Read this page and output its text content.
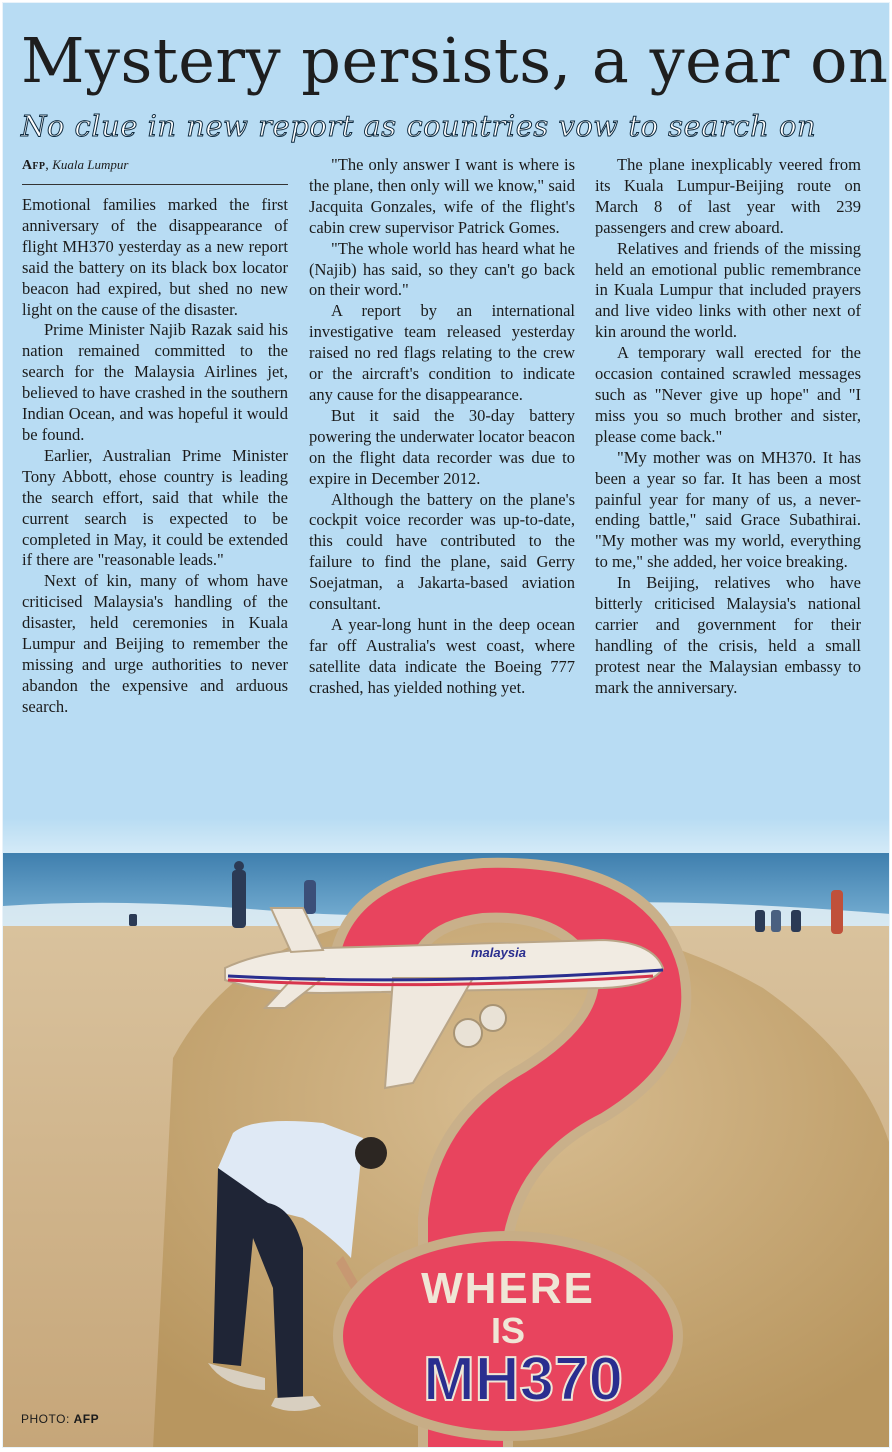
Mystery persists, a year on
No clue in new report as countries vow to search on
Afp, Kuala Lumpur

Emotional families marked the first anniversary of the disappearance of flight MH370 yesterday as a new report said the battery on its black box locator beacon had expired, but shed no new light on the cause of the disaster.

Prime Minister Najib Razak said his nation remained committed to the search for the Malaysia Airlines jet, believed to have crashed in the southern Indian Ocean, and was hopeful it would be found.

Earlier, Australian Prime Minister Tony Abbott, ehose country is leading the search effort, said that while the current search is expected to be completed in May, it could be extended if there are "reasonable leads."

Next of kin, many of whom have criticised Malaysia's handling of the disaster, held ceremonies in Kuala Lumpur and Beijing to remember the missing and urge authorities to never abandon the expensive and arduous search.

"The only answer I want is where is the plane, then only will we know," said Jacquita Gonzales, wife of the flight's cabin crew supervisor Patrick Gomes.

"The whole world has heard what he (Najib) has said, so they can't go back on their word."

A report by an international investigative team released yesterday raised no red flags relating to the crew or the aircraft's condition to indicate any cause for the disappearance.

But it said the 30-day battery powering the underwater locator beacon on the flight data recorder was due to expire in December 2012.

Although the battery on the plane's cockpit voice recorder was up-to-date, this could have contributed to the failure to find the plane, said Gerry Soejatman, a Jakarta-based aviation consultant.

A year-long hunt in the deep ocean far off Australia's west coast, where satellite data indicate the Boeing 777 crashed, has yielded nothing yet.

The plane inexplicably veered from its Kuala Lumpur-Beijing route on March 8 of last year with 239 passengers and crew aboard.

Relatives and friends of the missing held an emotional public remembrance in Kuala Lumpur that included prayers and live video links with other next of kin around the world.

A temporary wall erected for the occasion contained scrawled messages such as "Never give up hope" and "I miss you so much brother and sister, please come back."

"My mother was on MH370. It has been a year so far. It has been a most painful year for many of us, a never-ending battle," said Grace Subathirai. "My mother was my world, everything to me," she added, her voice breaking.

In Beijing, relatives who have bitterly criticised Malaysia's national carrier and government for their handling of the crisis, held a small protest near the Malaysian embassy to mark the anniversary.

malaysia
WHERE
IS
MH370
PHOTO: AFP
